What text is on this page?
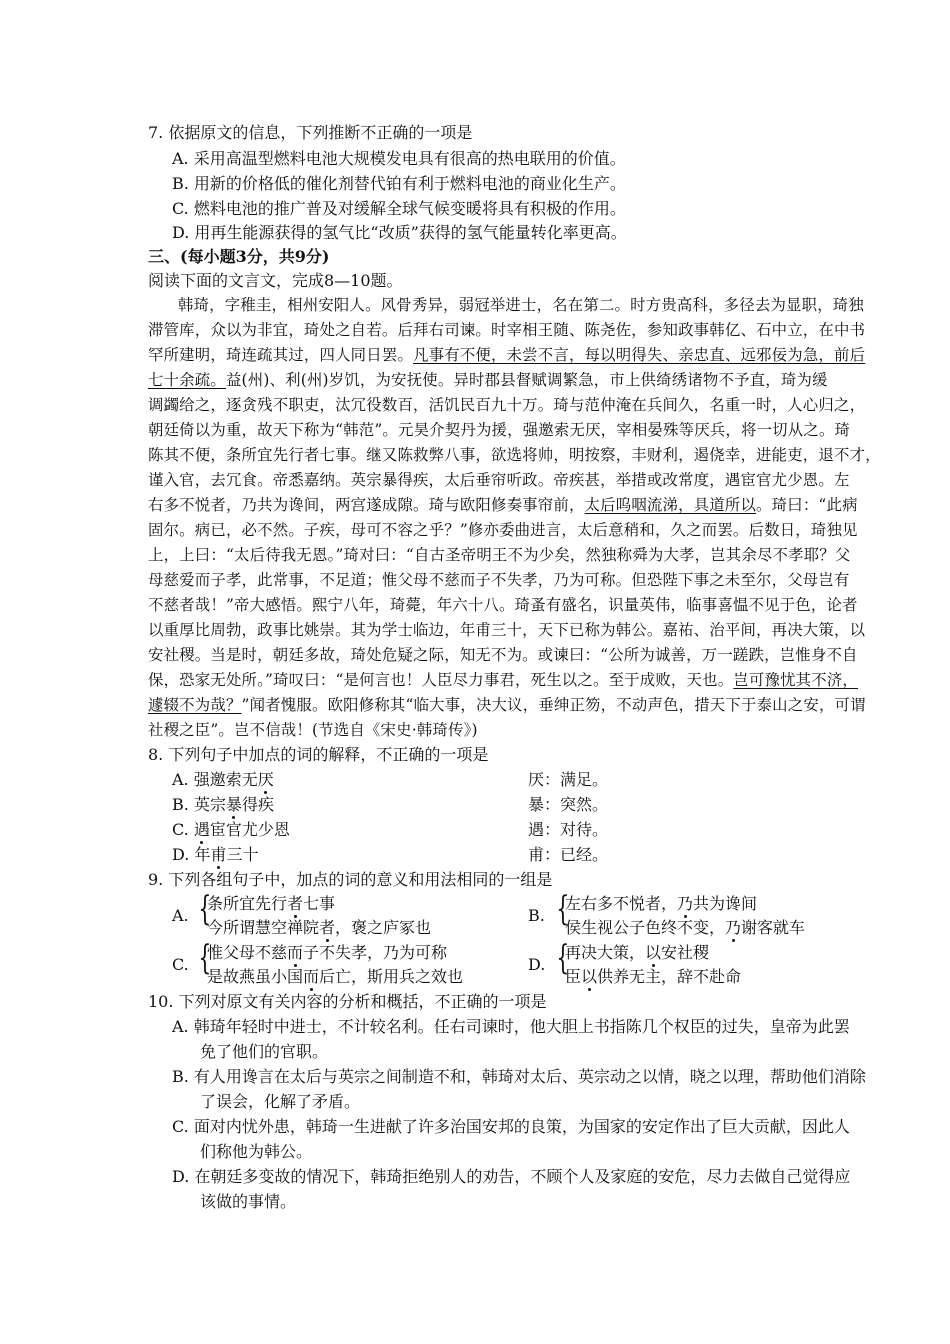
7. 依据原文的信息，下列推断不正确的一项是
A. 采用高温型燃料电池大规模发电具有很高的热电联用的价值。
B. 用新的价格低的催化剂替代铂有利于燃料电池的商业化生产。
C. 燃料电池的推广普及对缓解全球气候变暖将具有积极的作用。
D. 用再生能源获得的氢气比“改质”获得的氢气能量转化率更高。
三、(每小题3分，共9分)
阅读下面的文言文，完成8—10题。
韩琦，字稚圭，相州安阳人。风骨秀异，弱冠举进士，名在第二。时方贵高科，多径去为显职，琦独
滞管库，众以为非宜，琦处之自若。后拜右司谏。时宰相王随、陈尧佐，参知政事韩亿、石中立，在中书
罕所建明，琦连疏其过，四人同日罢。凡事有不便，未尝不言，每以明得失、亲忠直、远邪佞为急，前后
七十余疏。益(州)、利(州)岁饥，为安抚使。异时郡县督赋调繁急，市上供绮绣诸物不予直，琦为缓
调蠲给之，逐贪残不职吏，汰冗役数百，活饥民百九十万。琦与范仲淹在兵间久，名重一时，人心归之，
朝廷倚以为重，故天下称为“韩范”。元昊介契丹为援，强邀索无厌，宰相晏殊等厌兵，将一切从之。琦
陈其不便，条所宜先行者七事。继又陈救弊八事，欲选将帅，明按察，丰财利，遏侥幸，进能吏，退不才，
谨入官，去冗食。帝悉嘉纳。英宗暴得疾，太后垂帘听政。帝疾甚，举措或改常度，遇宦官尤少恩。左
右多不悦者，乃共为谗间，两宫遂成隙。琦与欧阳修奏事帘前，太后呜咽流涕，具道所以。琦曰：“此病
固尔。病已，必不然。子疾，母可不容之乎？”修亦委曲进言，太后意稍和，久之而罢。后数日，琦独见
上，上曰：“太后待我无恩。”琦对曰：“自古圣帝明王不为少矣，然独称舜为大孝，岂其余尽不孝耶？父
母慈爱而子孝，此常事，不足道；惟父母不慈而子不失孝，乃为可称。但恐陛下事之未至尔，父母岂有
不慈者哉！”帝大感悟。熙宁八年，琦薨，年六十八。琦蚤有盛名，识量英伟，临事喜愠不见于色，论者
以重厚比周勃，政事比姚崇。其为学士临边，年甫三十，天下已称为韩公。嘉祐、治平间，再决大策，以
安社稷。当是时，朝廷多故，琦处危疑之际，知无不为。或谏曰：“公所为诚善，万一蹉跌，岂惟身不自
保，恐家无处所。”琦叹曰：“是何言也！人臣尽力事君，死生以之。至于成败，天也。岂可豫忧其不济，
遽辍不为哉？”闻者愧服。欧阳修称其“临大事，决大议，垂绅正笏，不动声色，措天下于泰山之安，可谓
社稷之臣”。岂不信哉！(节选自《宋史·韩琦传》)
8. 下列句子中加点的词的解释，不正确的一项是
A. 强邀索无厌	厌：满足。
B. 英宗暴得疾	暴：突然。
C. 遇宦官尤少恩	遇：对待。
D. 年甫三十	甫：已经。
9. 下列各组句子中，加点的词的意义和用法相同的一组是
A. {
条所宜先行者七事
今所谓慧空禅院者，褒之庐冢也
B. {
左右多不悦者，乃共为谗间
侯生视公子色终不变，乃谢客就车
C. {
惟父母不慈而子不失孝，乃为可称
是故燕虽小国而后亡，斯用兵之效也
D. {
再决大策，以安社稷
臣以供养无主，辞不赴命
10. 下列对原文有关内容的分析和概括，不正确的一项是
A. 韩琦年轻时中进士，不计较名利。任右司谏时，他大胆上书指陈几个权臣的过失，皇帝为此罢
免了他们的官职。
B. 有人用谗言在太后与英宗之间制造不和，韩琦对太后、英宗动之以情，晓之以理，帮助他们消除
了误会，化解了矛盾。
C. 面对内忧外患，韩琦一生进献了许多治国安邦的良策，为国家的安定作出了巨大贡献，因此人
们称他为韩公。
D. 在朝廷多变故的情况下，韩琦拒绝别人的劝告，不顾个人及家庭的安危，尽力去做自己觉得应
该做的事情。
